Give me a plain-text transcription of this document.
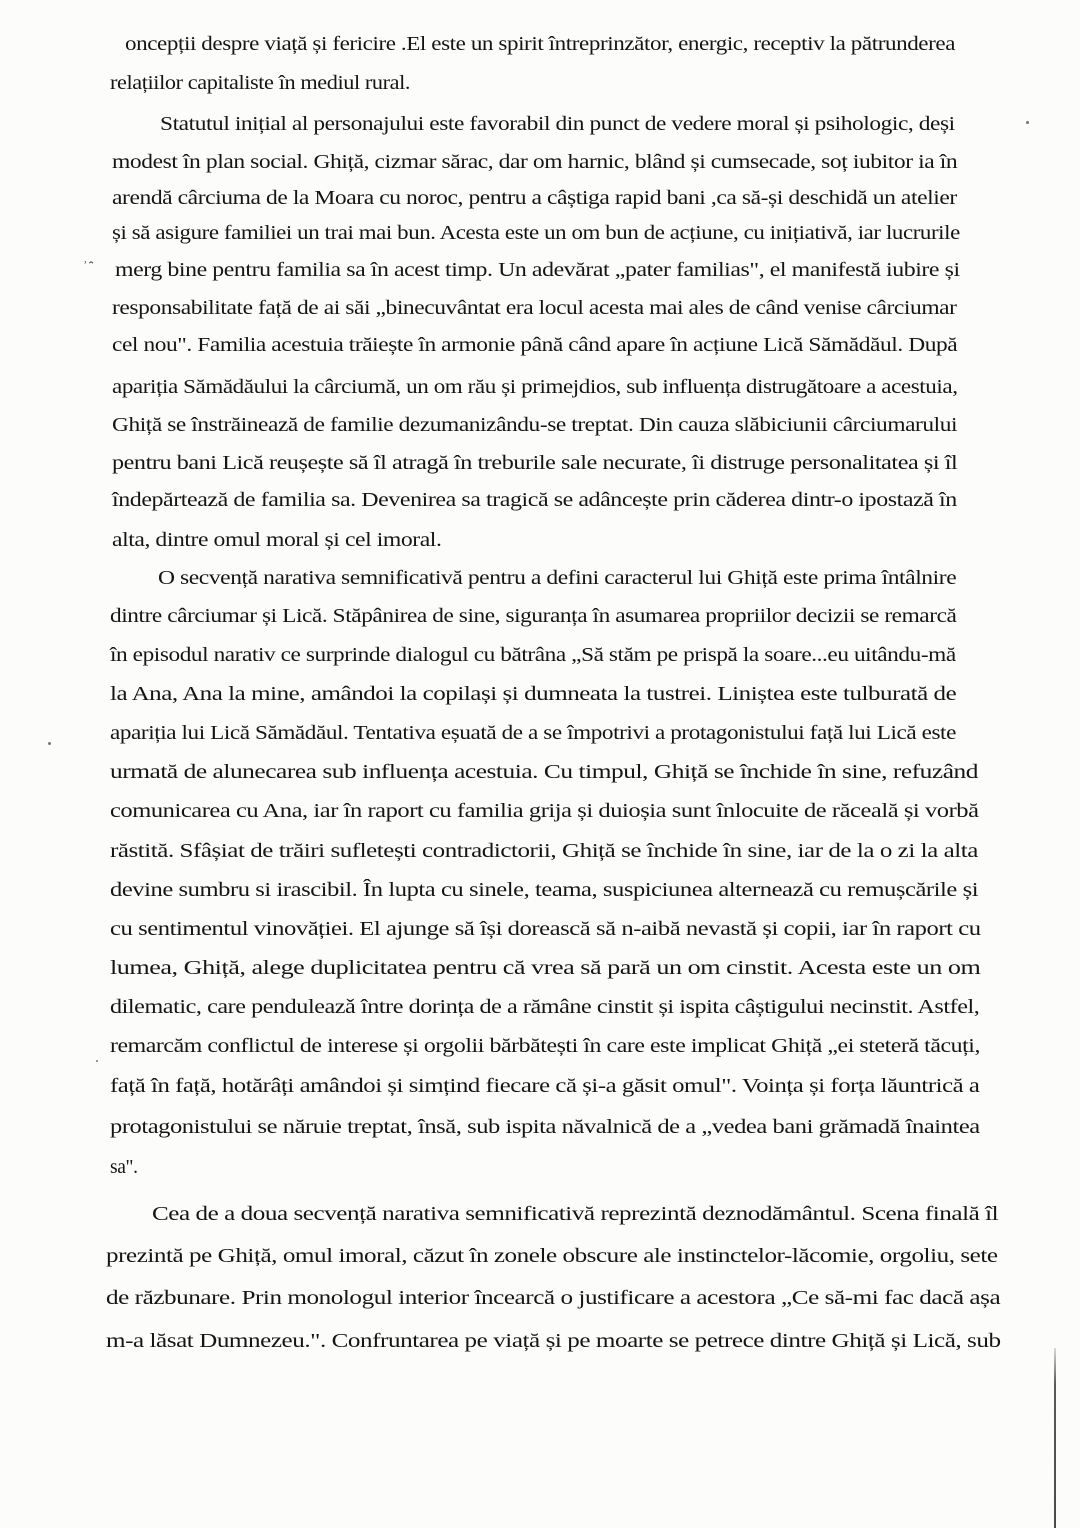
ʾ ̑
oncepții despre viață și fericire .El este un spirit întreprinzător, energic, receptiv la pătrunderea
relațiilor capitaliste în mediul rural.
Statutul inițial al personajului este favorabil din punct de vedere moral și psihologic, deși
modest în plan social. Ghiță, cizmar sărac, dar om harnic, blând și cumsecade, soț iubitor ia în
arendă cârciuma de la Moara cu noroc, pentru a câștiga rapid bani ,ca să-și deschidă un atelier
și să asigure familiei un trai mai bun. Acesta este un om bun de acțiune, cu inițiativă, iar lucrurile
merg bine pentru familia sa în acest timp. Un adevărat „pater familias", el manifestă iubire și
responsabilitate față de ai săi „binecuvântat era locul acesta mai ales de când venise cârciumar
cel nou". Familia acestuia trăiește în armonie până când apare în acțiune Lică Sămădăul. După
apariția Sămădăului la cârciumă, un om rău și primejdios, sub influența distrugătoare a acestuia,
Ghiță se înstrăinează de familie dezumanizându-se treptat. Din cauza slăbiciunii cârciumarului
pentru bani Lică reușește să îl atragă în treburile sale necurate, îi distruge personalitatea și îl
îndepărtează de familia sa. Devenirea sa tragică se adâncește prin căderea dintr-o ipostază în
alta, dintre omul moral și cel imoral.
O secvență narativa semnificativă pentru a defini caracterul lui Ghiță este prima întâlnire
dintre cârciumar și Lică. Stăpânirea de sine, siguranța în asumarea propriilor decizii se remarcă
în episodul narativ ce surprinde dialogul cu bătrâna „Să stăm pe prispă la soare...eu uitându-mă
la Ana, Ana la mine, amândoi la copilași și dumneata la tustrei. Liniștea este tulburată de
apariția lui Lică Sămădăul. Tentativa eșuată de a se împotrivi a protagonistului față lui Lică este
urmată de alunecarea sub influența acestuia. Cu timpul, Ghiță se închide în sine, refuzând
comunicarea cu Ana, iar în raport cu familia grija și duioșia sunt înlocuite de răceală și vorbă
răstită. Sfâșiat de trăiri sufletești contradictorii, Ghiță se închide în sine, iar de la o zi la alta
devine sumbru si irascibil. În lupta cu sinele, teama, suspiciunea alternează cu remușcările și
cu sentimentul vinovăției. El ajunge să își dorească să n-aibă nevastă și copii, iar în raport cu
lumea, Ghiță, alege duplicitatea pentru că vrea să pară un om cinstit. Acesta este un om
dilematic, care penduleazǎ între dorința de a rămâne cinstit și ispita câștigului necinstit. Astfel,
remarcăm conflictul de interese și orgolii bărbătești în care este implicat Ghiță „ei steteră tăcuți,
față în față, hotărâți amândoi și simțind fiecare că și-a găsit omul". Voința și forța lăuntrică a
protagonistului se năruie treptat, însă, sub ispita năvalnică de a „vedea bani grămadă înaintea
sa".
Cea de a doua secvență narativa semnificativă reprezintă deznodământul. Scena finală îl
prezintă pe Ghiță, omul imoral, căzut în zonele obscure ale instinctelor-lăcomie, orgoliu, sete
de răzbunare. Prin monologul interior încearcă o justificare a acestora „Ce să-mi fac dacă așa
m-a lăsat Dumnezeu.". Confruntarea pe viață și pe moarte se petrece dintre Ghiță și Lică, sub
